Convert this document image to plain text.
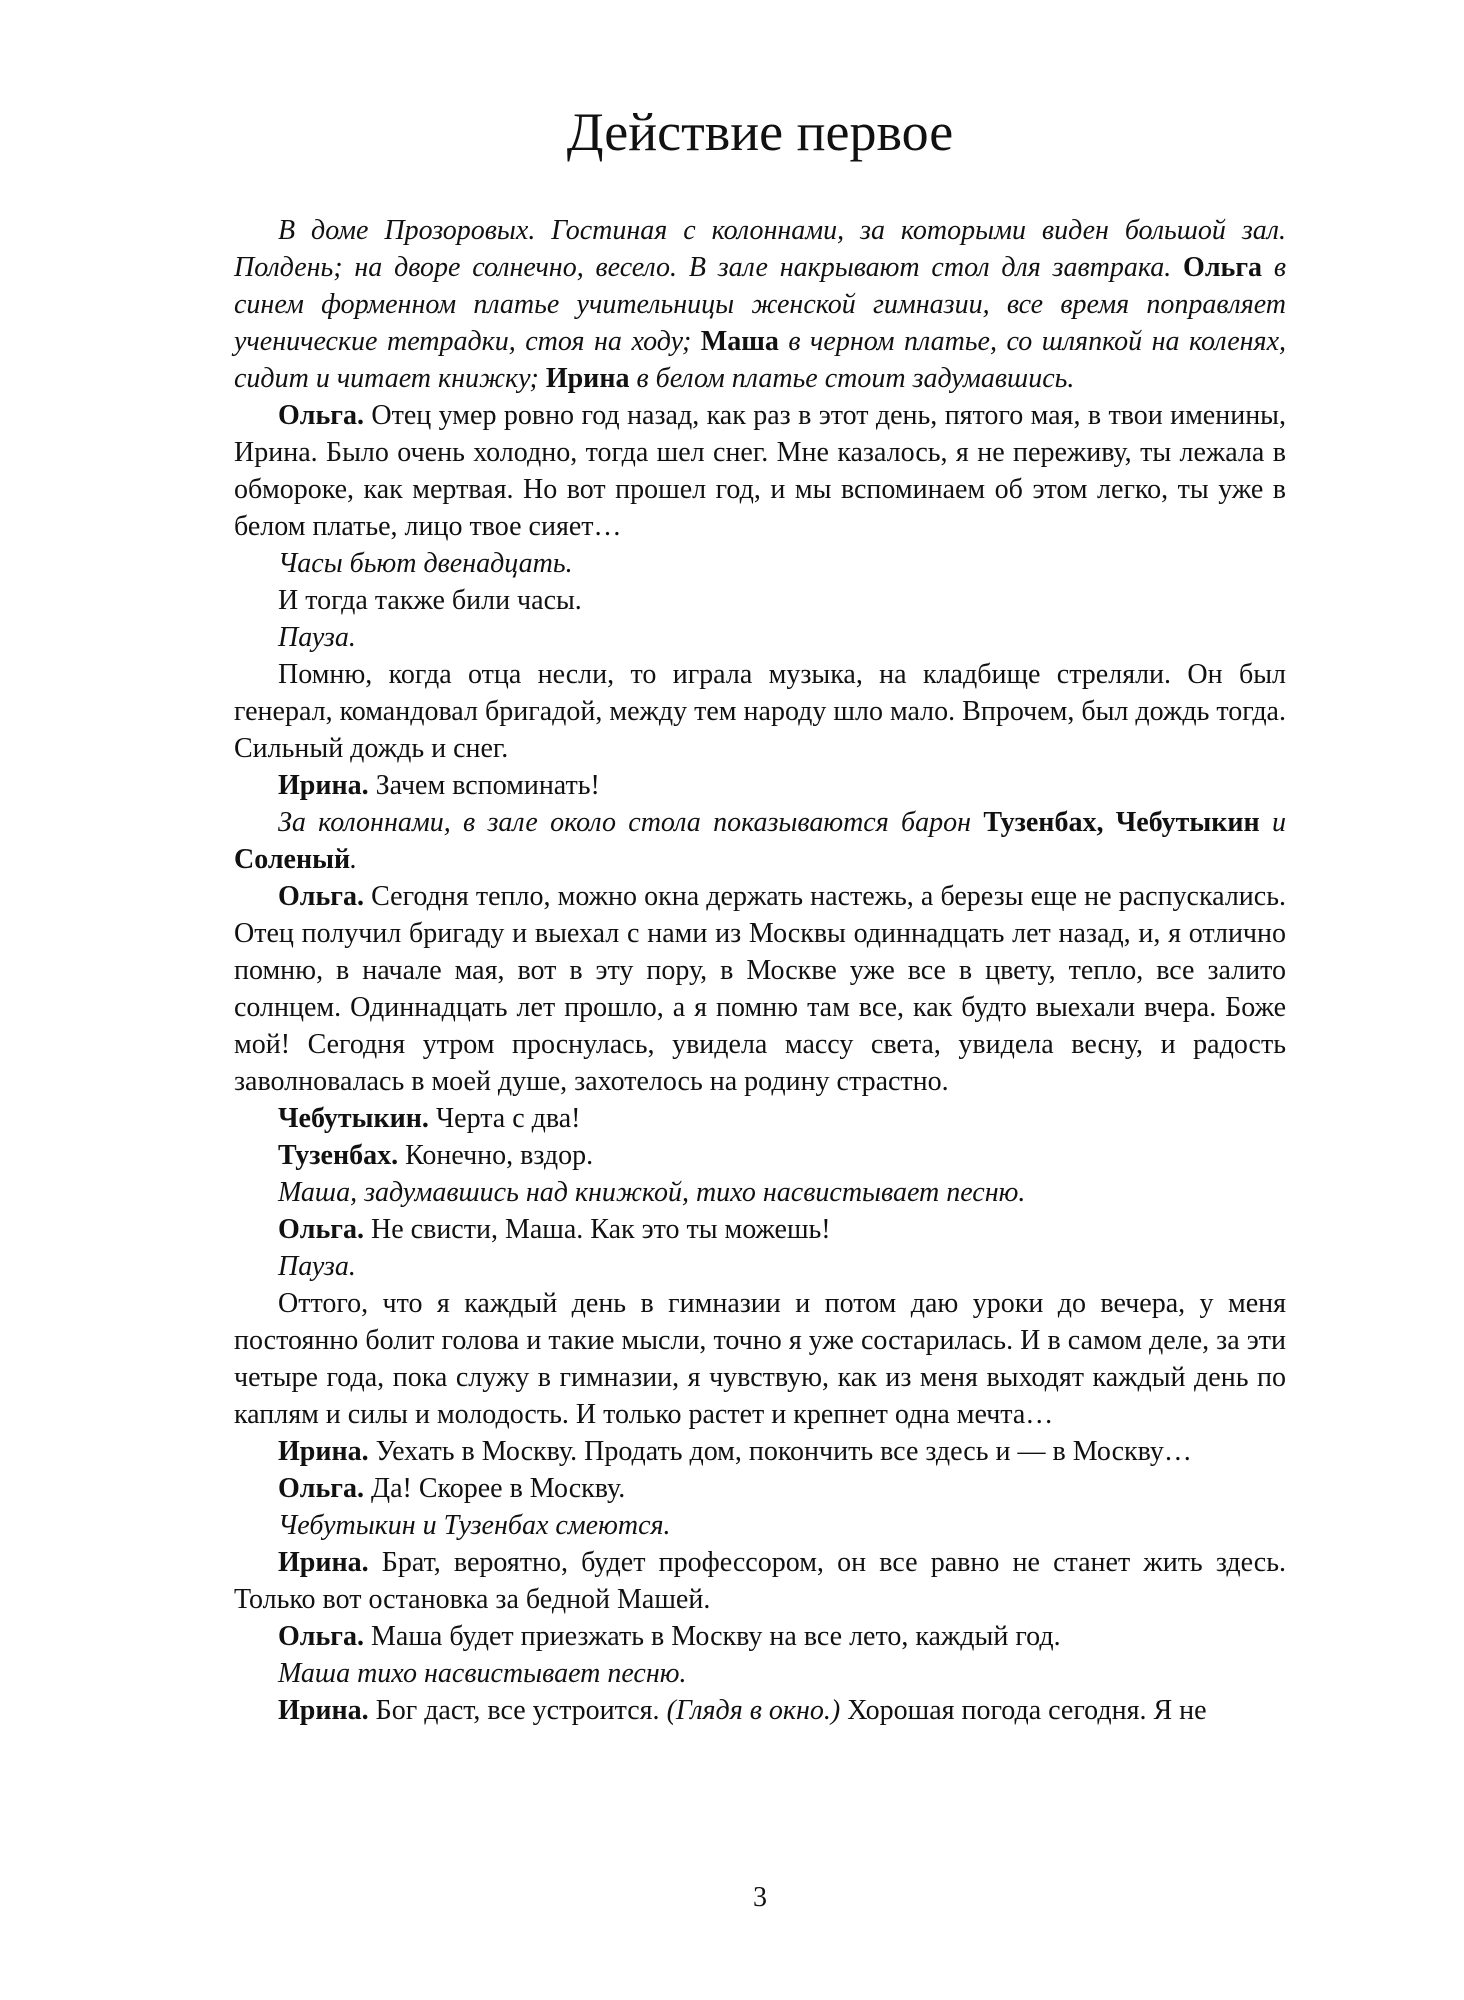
Действие первое

В доме Прозоровых. Гостиная с колоннами, за которыми виден большой зал. Полдень; на дворе солнечно, весело. В зале накрывают стол для завтрака. Ольга в синем форменном платье учительницы женской гимназии, все время поправляет ученические тетрадки, стоя на ходу; Маша в черном платье, со шляпкой на коленях, сидит и читает книжку; Ирина в белом платье стоит задумавшись.

Ольга. Отец умер ровно год назад, как раз в этот день, пятого мая, в твои именины, Ирина. Было очень холодно, тогда шел снег. Мне казалось, я не переживу, ты лежала в обмороке, как мертвая. Но вот прошел год, и мы вспоминаем об этом легко, ты уже в белом платье, лицо твое сияет…

Часы бьют двенадцать.

И тогда также били часы.

Пауза.

Помню, когда отца несли, то играла музыка, на кладбище стреляли. Он был генерал, командовал бригадой, между тем народу шло мало. Впрочем, был дождь тогда. Сильный дождь и снег.

Ирина. Зачем вспоминать!

За колоннами, в зале около стола показываются барон Тузенбах, Чебутыкин и Соленый.

Ольга. Сегодня тепло, можно окна держать настежь, а березы еще не распускались. Отец получил бригаду и выехал с нами из Москвы одиннадцать лет назад, и, я отлично помню, в начале мая, вот в эту пору, в Москве уже все в цвету, тепло, все залито солнцем. Одиннадцать лет прошло, а я помню там все, как будто выехали вчера. Боже мой! Сегодня утром проснулась, увидела массу света, увидела весну, и радость заволновалась в моей душе, захотелось на родину страстно.

Чебутыкин. Черта с два!

Тузенбах. Конечно, вздор.

Маша, задумавшись над книжкой, тихо насвистывает песню.

Ольга. Не свисти, Маша. Как это ты можешь!

Пауза.

Оттого, что я каждый день в гимназии и потом даю уроки до вечера, у меня постоянно болит голова и такие мысли, точно я уже состарилась. И в самом деле, за эти четыре года, пока служу в гимназии, я чувствую, как из меня выходят каждый день по каплям и силы и молодость. И только растет и крепнет одна мечта…

Ирина. Уехать в Москву. Продать дом, покончить все здесь и — в Москву…

Ольга. Да! Скорее в Москву.

Чебутыкин и Тузенбах смеются.

Ирина. Брат, вероятно, будет профессором, он все равно не станет жить здесь. Только вот остановка за бедной Машей.

Ольга. Маша будет приезжать в Москву на все лето, каждый год.

Маша тихо насвистывает песню.

Ирина. Бог даст, все устроится. (Глядя в окно.) Хорошая погода сегодня. Я не

3
